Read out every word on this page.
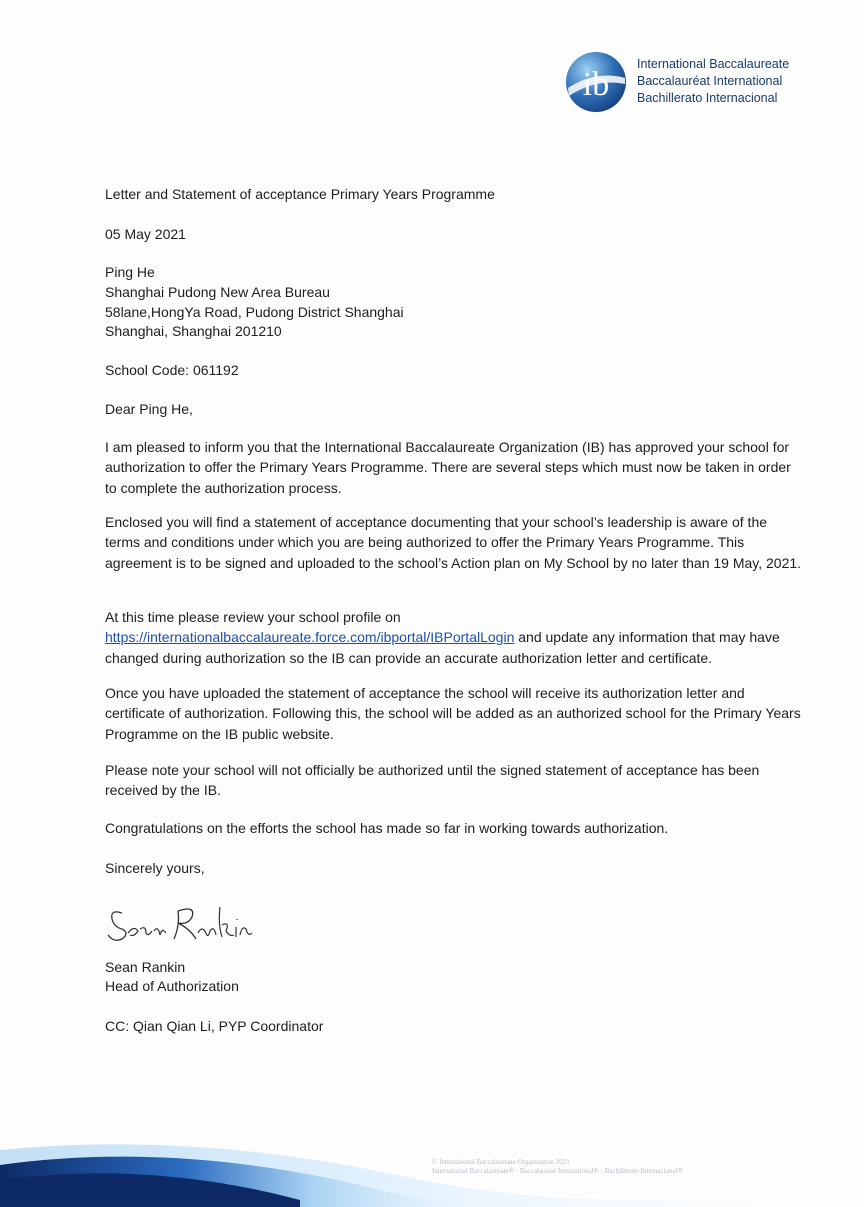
ib
International Baccalaureate
Baccalauréat International
Bachillerato Internacional
Letter and Statement of acceptance Primary Years Programme
05 May 2021
Ping He
Shanghai Pudong New Area Bureau
58lane,HongYa Road, Pudong District Shanghai
Shanghai, Shanghai 201210
School Code: 061192
Dear Ping He,
I am pleased to inform you that the International Baccalaureate Organization (IB) has approved your school for authorization to offer the Primary Years Programme. There are several steps which must now be taken in order to complete the authorization process.
Enclosed you will find a statement of acceptance documenting that your school’s leadership is aware of the terms and conditions under which you are being authorized to offer the Primary Years Programme. This agreement is to be signed and uploaded to the school’s Action plan on My School by no later than 19 May, 2021.
At this time please review your school profile on
https://internationalbaccalaureate.force.com/ibportal/IBPortalLogin and update any information that may have changed during authorization so the IB can provide an accurate authorization letter and certificate.
Once you have uploaded the statement of acceptance the school will receive its authorization letter and certificate of authorization. Following this, the school will be added as an authorized school for the Primary Years Programme on the IB public website.
Please note your school will not officially be authorized until the signed statement of acceptance has been received by the IB.
Congratulations on the efforts the school has made so far in working towards authorization.
Sincerely yours,
Sean Rankin
Head of Authorization
CC: Qian Qian Li, PYP Coordinator
© International Baccalaureate Organization 2021
International Baccalaureate® · Baccalauréat International® · Bachillerato Internacional®
